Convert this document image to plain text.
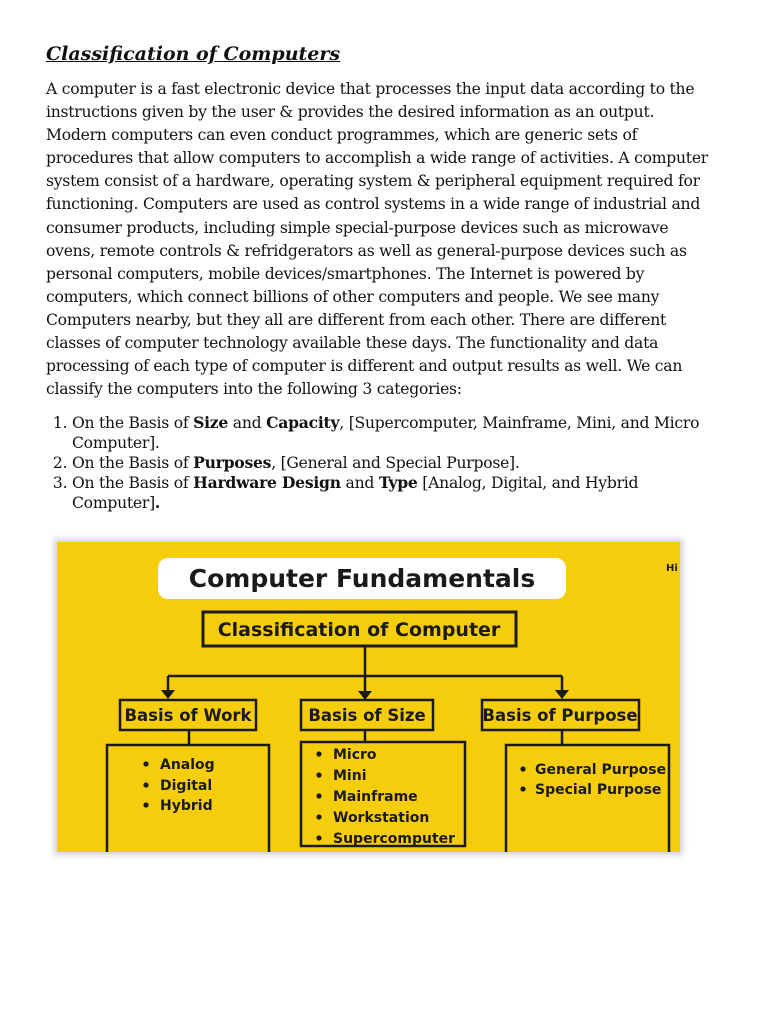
Classification of Computers

A computer is a fast electronic device that processes the input data according to the instructions given by the user & provides the desired information as an output. Modern computers can even conduct programmes, which are generic sets of procedures that allow computers to accomplish a wide range of activities. A computer system consist of a hardware, operating system & peripheral equipment required for functioning. Computers are used as control systems in a wide range of industrial and consumer products, including simple special-purpose devices such as microwave ovens, remote controls & refridgerators as well as general-purpose devices such as personal computers, mobile devices/smartphones. The Internet is powered by computers, which connect billions of other computers and people. We see many Computers nearby, but they all are different from each other. There are different classes of computer technology available these days. The functionality and data processing of each type of computer is different and output results as well. We can classify the computers into the following 3 categories:

1. On the Basis of Size and Capacity, [Supercomputer, Mainframe, Mini, and Micro Computer].
2. On the Basis of Purposes, [General and Special Purpose].
3. On the Basis of Hardware Design and Type [Analog, Digital, and Hybrid Computer].
Computer Fundamentals	Hi
Classification of Computer
Basis of Work	Basis of Size	Basis of Purpose
Analog
Digital
Hybrid
Micro
Mini
Mainframe
Workstation
Supercomputer
General Purpose
Special Purpose
